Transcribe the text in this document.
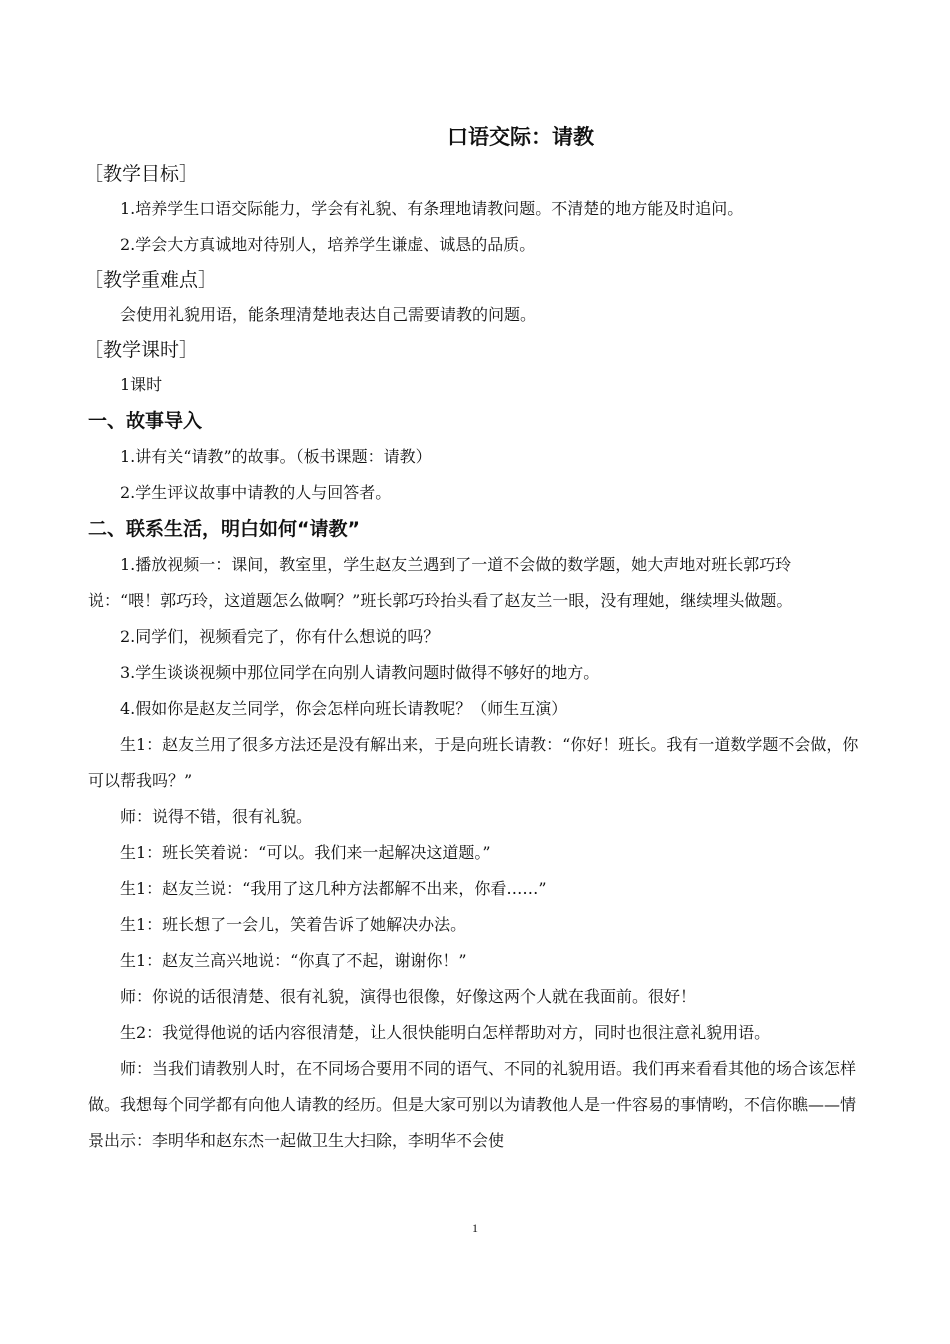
口语交际：请教
［教学目标］

1.培养学生口语交际能力，学会有礼貌、有条理地请教问题。不清楚的地方能及时追问。

2.学会大方真诚地对待别人，培养学生谦虚、诚恳的品质。

［教学重难点］

会使用礼貌用语，能条理清楚地表达自己需要请教的问题。

［教学课时］

1课时

一、故事导入

1.讲有关“请教”的故事。（板书课题：请教）

2.学生评议故事中请教的人与回答者。

二、联系生活，明白如何“请教”

1.播放视频一：课间，教室里，学生赵友兰遇到了一道不会做的数学题，她大声地对班长郭巧玲说：“喂！郭巧玲，这道题怎么做啊？”班长郭巧玲抬头看了赵友兰一眼，没有理她，继续埋头做题。

2.同学们，视频看完了，你有什么想说的吗？

3.学生谈谈视频中那位同学在向别人请教问题时做得不够好的地方。

4.假如你是赵友兰同学，你会怎样向班长请教呢？（师生互演）

生1：赵友兰用了很多方法还是没有解出来，于是向班长请教：“你好！班长。我有一道数学题不会做，你可以帮我吗？”

师：说得不错，很有礼貌。

生1：班长笑着说：“可以。我们来一起解决这道题。”

生1：赵友兰说：“我用了这几种方法都解不出来，你看……”

生1：班长想了一会儿，笑着告诉了她解决办法。

生1：赵友兰高兴地说：“你真了不起，谢谢你！”

师：你说的话很清楚、很有礼貌，演得也很像，好像这两个人就在我面前。很好！

生2：我觉得他说的话内容很清楚，让人很快能明白怎样帮助对方，同时也很注意礼貌用语。

师：当我们请教别人时，在不同场合要用不同的语气、不同的礼貌用语。我们再来看看其他的场合该怎样做。我想每个同学都有向他人请教的经历。但是大家可别以为请教他人是一件容易的事情哟，不信你瞧——情景出示：李明华和赵东杰一起做卫生大扫除，李明华不会使

1
